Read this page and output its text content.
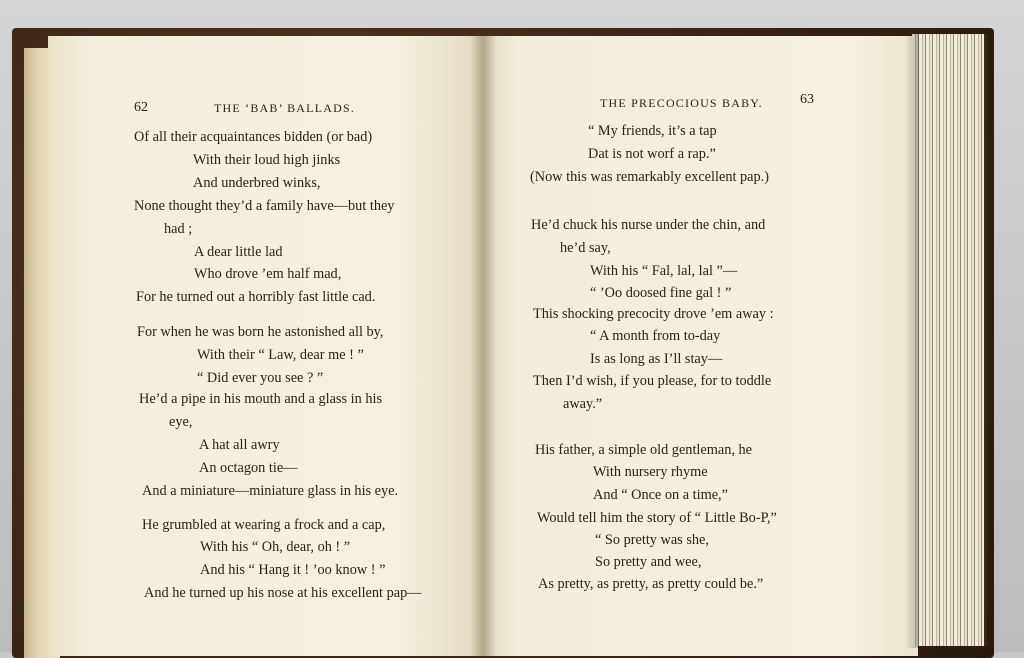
62	THE ‘BAB’ BALLADS.
Of all their acquaintances bidden (or bad)
With their loud high jinks
And underbred winks,
None thought they’d a family have—but they
had ;
A dear little lad
Who drove ’em half mad,
For he turned out a horribly fast little cad.
For when he was born he astonished all by,
With their “ Law, dear me ! ”
“ Did ever you see ? ”
He’d a pipe in his mouth and a glass in his
eye,
A hat all awry
An octagon tie—
And a miniature—miniature glass in his eye.
He grumbled at wearing a frock and a cap,
With his “ Oh, dear, oh ! ”
And his “ Hang it ! ’oo know ! ”
And he turned up his nose at his excellent pap—
THE PRECOCIOUS BABY.	63
“ My friends, it’s a tap
Dat is not worf a rap.”
(Now this was remarkably excellent pap.)
He’d chuck his nurse under the chin, and
he’d say,
With his “ Fal, lal, lal ”—
“ ’Oo doosed fine gal ! ”
This shocking precocity drove ’em away :
“ A month from to-day
Is as long as I’ll stay—
Then I’d wish, if you please, for to toddle
away.”
His father, a simple old gentleman, he
With nursery rhyme
And “ Once on a time,”
Would tell him the story of “ Little Bo-P,”
“ So pretty was she,
So pretty and wee,
As pretty, as pretty, as pretty could be.”
